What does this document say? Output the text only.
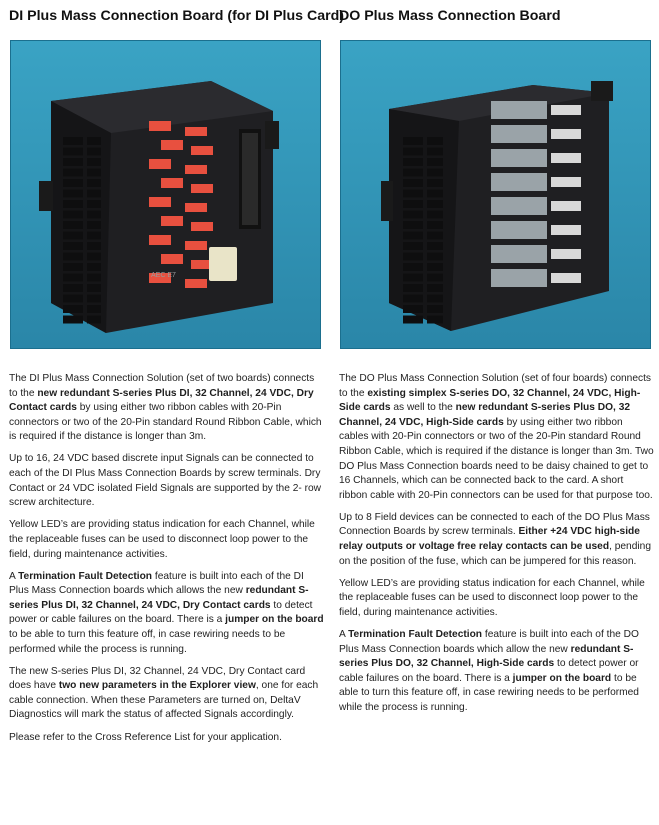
DI Plus Mass Connection Board (for DI Plus Card)
AEC E7

The DI Plus Mass Connection Solution (set of two boards) connects to the new redundant S-series Plus DI, 32 Channel, 24 VDC, Dry Contact cards by using either two ribbon cables with 20-Pin connectors or two of the 20-Pin standard Round Ribbon Cable, which is required if the distance is longer than 3m.

Up to 16, 24 VDC based discrete input Signals can be connected to each of the DI Plus Mass Connection Boards by screw terminals. Dry Contact or 24 VDC isolated Field Signals are supported by the 2- row screw architecture.

Yellow LED’s are providing status indication for each Channel, while the replaceable fuses can be used to disconnect loop power to the field, during maintenance activities.

A Termination Fault Detection feature is built into each of the DI Plus Mass Connection boards which allows the new redundant S-series Plus DI, 32 Channel, 24 VDC, Dry Contact cards to detect power or cable failures on the board. There is a jumper on the board to be able to turn this feature off, in case rewiring needs to be performed while the process is running.

The new S-series Plus DI, 32 Channel, 24 VDC, Dry Contact card does have two new parameters in the Explorer view, one for each cable connection. When these Parameters are turned on, DeltaV Diagnostics will mark the status of affected Signals accordingly.

Please refer to the Cross Reference List for your application.

DO Plus Mass Connection Board

The DO Plus Mass Connection Solution (set of four boards) connects to the existing simplex S-series DO, 32 Channel, 24 VDC, High-Side cards as well to the new redundant S-series Plus DO, 32 Channel, 24 VDC, High-Side cards by using either two ribbon cables with 20-Pin connectors or two of the 20-Pin standard Round Ribbon Cable, which is required if the distance is longer than 3m. Two DO Plus Mass Connection boards need to be daisy chained to get to 16 Channels, which can be connected back to the card. A short ribbon cable with 20-Pin connectors can be used for that purpose too.

Up to 8 Field devices can be connected to each of the DO Plus Mass Connection Boards by screw terminals. Either +24 VDC high-side relay outputs or voltage free relay contacts can be used, pending on the position of the fuse, which can be jumpered for this reason.

Yellow LED’s are providing status indication for each Channel, while the replaceable fuses can be used to disconnect loop power to the field, during maintenance activities.

A Termination Fault Detection feature is built into each of the DO Plus Mass Connection boards which allow the new redundant S-series Plus DO, 32 Channel, High-Side cards to detect power or cable failures on the board. There is a jumper on the board to be able to turn this feature off, in case rewiring needs to be performed while the process is running.
